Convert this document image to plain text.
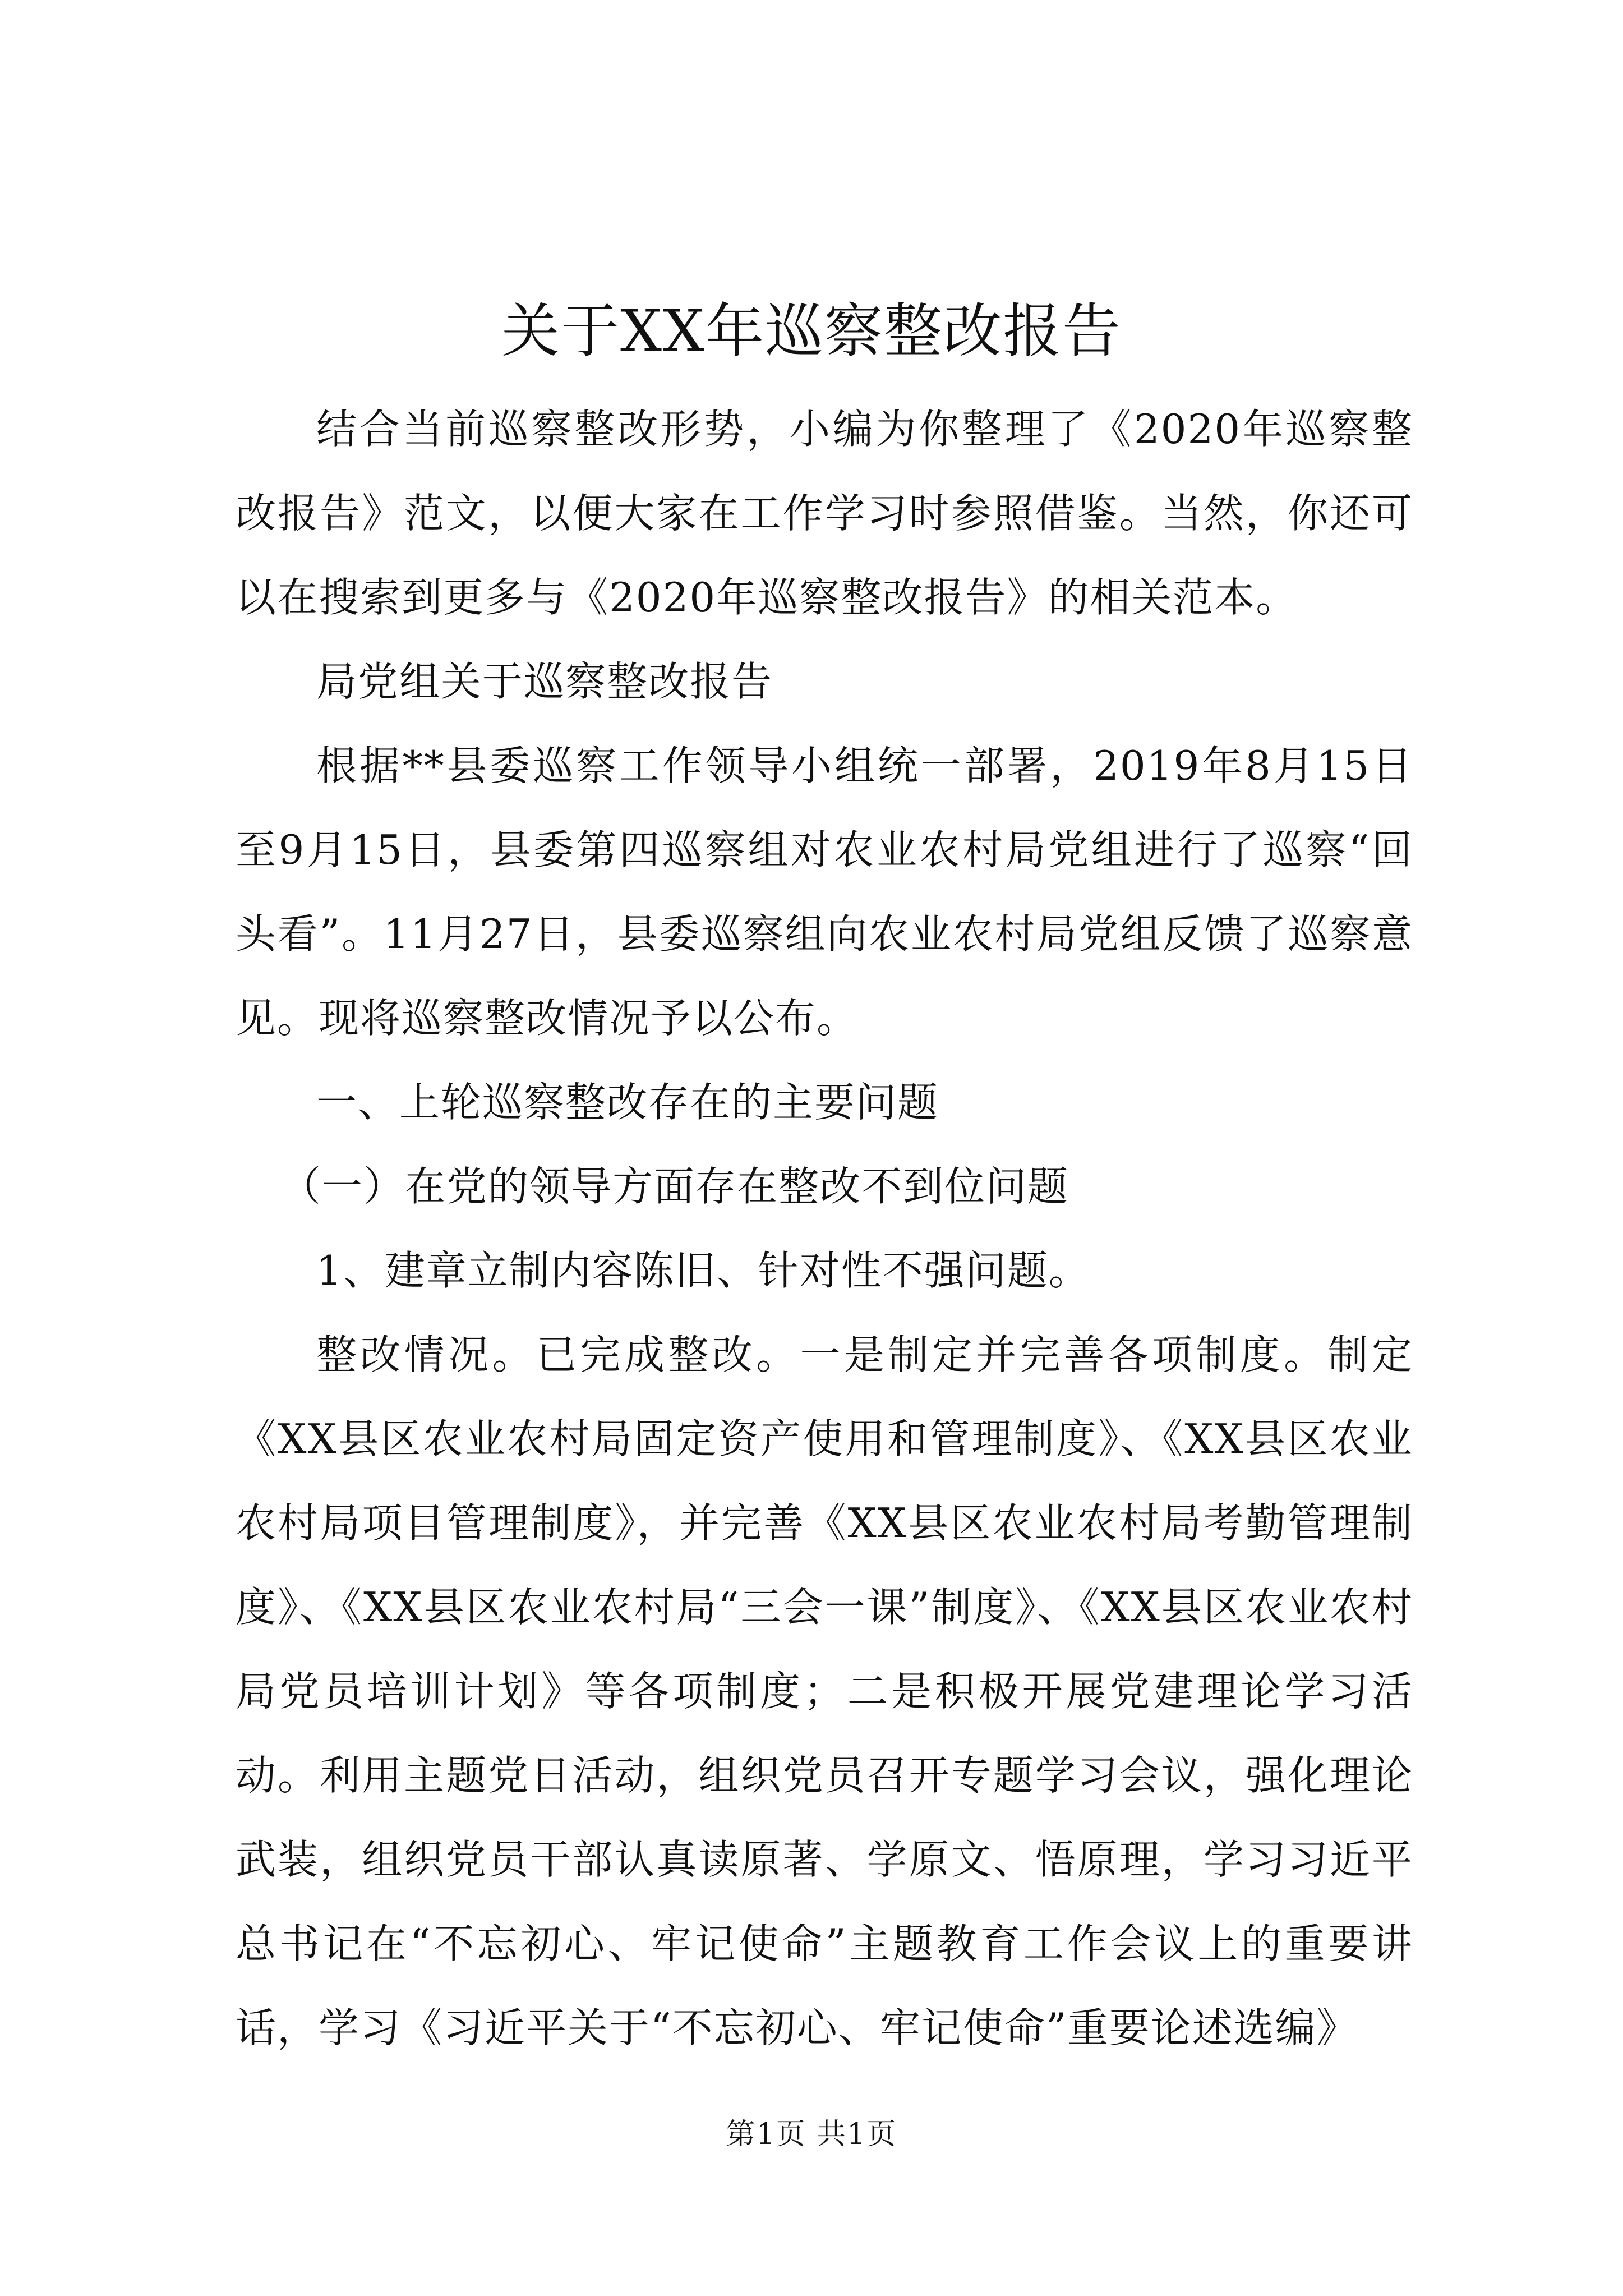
关于XX年巡察整改报告

结合当前巡察整改形势，小编为你整理了《2020年巡察整改报告》范文，以便大家在工作学习时参照借鉴。当然，你还可以在搜索到更多与《2020年巡察整改报告》的相关范本。

局党组关于巡察整改报告

根据**县委巡察工作领导小组统一部署，2019年8月15日至9月15日，县委第四巡察组对农业农村局党组进行了巡察“回头看”。11月27日，县委巡察组向农业农村局党组反馈了巡察意见。现将巡察整改情况予以公布。

一、上轮巡察整改存在的主要问题

（一）在党的领导方面存在整改不到位问题

1、建章立制内容陈旧、针对性不强问题。

整改情况。已完成整改。一是制定并完善各项制度。制定《XX县区农业农村局固定资产使用和管理制度》、《XX县区农业农村局项目管理制度》，并完善《XX县区农业农村局考勤管理制度》、《XX县区农业农村局“三会一课”制度》、《XX县区农业农村局党员培训计划》等各项制度；二是积极开展党建理论学习活动。利用主题党日活动，组织党员召开专题学习会议，强化理论武装，组织党员干部认真读原著、学原文、悟原理，学习习近平总书记在“不忘初心、牢记使命”主题教育工作会议上的重要讲话，学习《习近平关于“不忘初心、牢记使命”重要论述选编》

第1页 共1页
